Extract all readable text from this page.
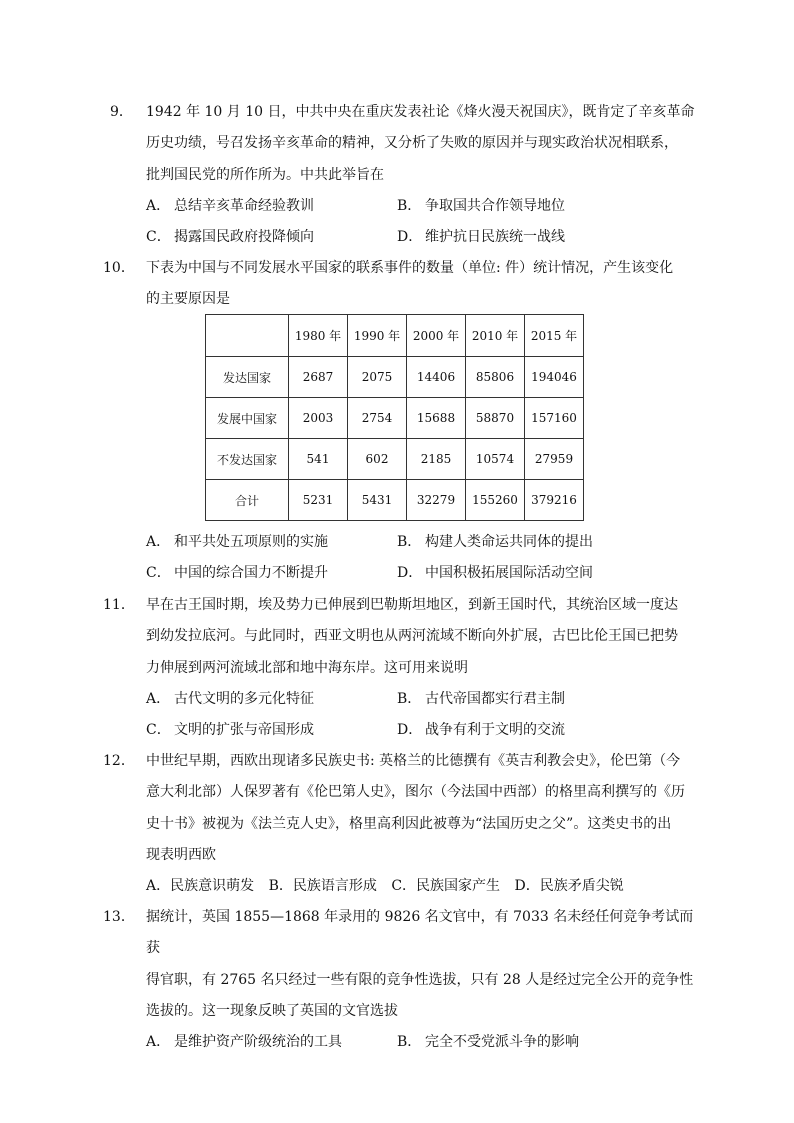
9． 1942 年 10 月 10 日，中共中央在重庆发表社论《烽火漫天祝国庆》，既肯定了辛亥革命
历史功绩，号召发扬辛亥革命的精神，又分析了失败的原因并与现实政治状况相联系，
批判国民党的所作所为。中共此举旨在
A． 总结辛亥革命经验教训	B． 争取国共合作领导地位
C． 揭露国民政府投降倾向	D． 维护抗日民族统一战线
10． 下表为中国与不同发展水平国家的联系事件的数量（单位: 件）统计情况，产生该变化
的主要原因是
	1980 年	1990 年	2000 年	2010 年	2015 年
发达国家	2687	2075	14406	85806	194046
发展中国家	2003	2754	15688	58870	157160
不发达国家	541	602	2185	10574	27959
合计	5231	5431	32279	155260	379216
A． 和平共处五项原则的实施	B． 构建人类命运共同体的提出
C． 中国的综合国力不断提升	D． 中国积极拓展国际活动空间
11． 早在古王国时期，埃及势力已伸展到巴勒斯坦地区，到新王国时代，其统治区域一度达
到幼发拉底河。与此同时，西亚文明也从两河流域不断向外扩展，古巴比伦王国已把势
力伸展到两河流域北部和地中海东岸。这可用来说明
A． 古代文明的多元化特征	B． 古代帝国都实行君主制
C． 文明的扩张与帝国形成	D． 战争有利于文明的交流
12． 中世纪早期，西欧出现诸多民族史书: 英格兰的比德撰有《英吉利教会史》，伦巴第（今
意大利北部）人保罗著有《伦巴第人史》，图尔（今法国中西部）的格里高利撰写的《历
史十书》被视为《法兰克人史》，格里高利因此被尊为“法国历史之父”。这类史书的出
现表明西欧
A．民族意识萌发 B．民族语言形成 C．民族国家产生 D．民族矛盾尖锐
13． 据统计，英国 1855—1868 年录用的 9826 名文官中，有 7033 名未经任何竞争考试而获
得官职，有 2765 名只经过一些有限的竞争性选拔，只有 28 人是经过完全公开的竞争性
选拔的。这一现象反映了英国的文官选拔
A． 是维护资产阶级统治的工具	B． 完全不受党派斗争的影响
